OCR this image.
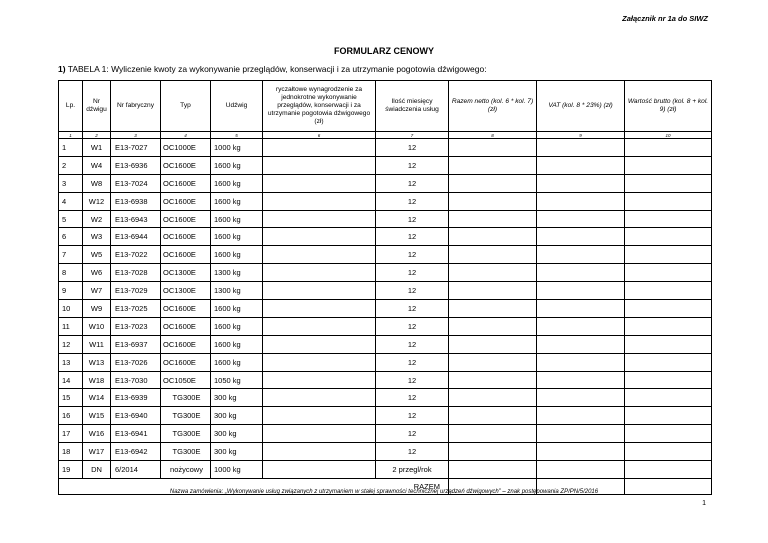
Załącznik nr 1a do SIWZ
FORMULARZ CENOWY
1) TABELA 1: Wyliczenie kwoty za wykonywanie przeglądów, konserwacji i za utrzymanie pogotowia dźwigowego:
Lp.	Nr dźwigu	Nr fabryczny	Typ	Udźwig	ryczałtowe wynagrodzenie za jednokrotne wykonywanie przeglądów, konserwacji i za utrzymanie pogotowia dźwigowego (zł)	Ilość miesięcy świadczenia usług	Razem netto (kol. 6 * kol. 7) (zł)	VAT (kol. 8 * 23%) (zł)	Wartość brutto (kol. 8 + kol. 9) (zł)
1	2	3	4	5	6	7	8	9	10
1	W1	E13-7027	OC1000E	1000 kg		12			
2	W4	E13-6936	OC1600E	1600 kg		12			
3	W8	E13-7024	OC1600E	1600 kg		12			
4	W12	E13-6938	OC1600E	1600 kg		12			
5	W2	E13-6943	OC1600E	1600 kg		12			
6	W3	E13-6944	OC1600E	1600 kg		12			
7	W5	E13-7022	OC1600E	1600 kg		12			
8	W6	E13-7028	OC1300E	1300 kg		12			
9	W7	E13-7029	OC1300E	1300 kg		12			
10	W9	E13-7025	OC1600E	1600 kg		12			
11	W10	E13-7023	OC1600E	1600 kg		12			
12	W11	E13-6937	OC1600E	1600 kg		12			
13	W13	E13-7026	OC1600E	1600 kg		12			
14	W18	E13-7030	OC1050E	1050 kg		12			
15	W14	E13-6939	TG300E	300 kg		12			
16	W15	E13-6940	TG300E	300 kg		12			
17	W16	E13-6941	TG300E	300 kg		12			
18	W17	E13-6942	TG300E	300 kg		12			
19	DN	6/2014	nożycowy	1000 kg		2 przegl/rok			
RAZEM									
Nazwa zamówienia: „Wykonywanie usług związanych z utrzymaniem w stałej sprawności technicznej urządzeń dźwigowych” – znak postępowania ZP/PN/5/2016
1
